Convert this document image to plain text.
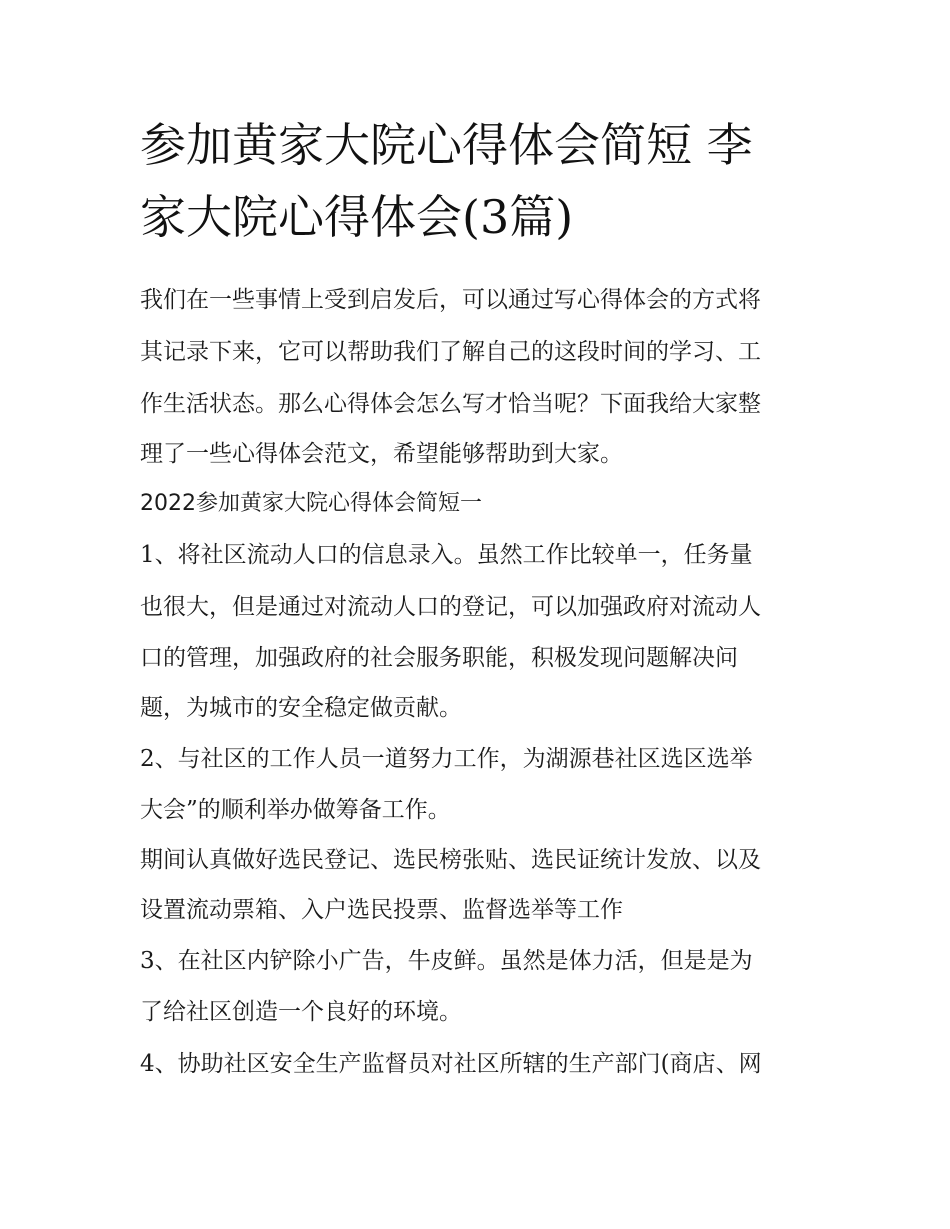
参加黄家大院心得体会简短 李
家大院心得体会(3篇)
我们在一些事情上受到启发后，可以通过写心得体会的方式将
其记录下来，它可以帮助我们了解自己的这段时间的学习、工
作生活状态。那么心得体会怎么写才恰当呢？下面我给大家整
理了一些心得体会范文，希望能够帮助到大家。
2022参加黄家大院心得体会简短一
1、将社区流动人口的信息录入。虽然工作比较单一，任务量
也很大，但是通过对流动人口的登记，可以加强政府对流动人
口的管理，加强政府的社会服务职能，积极发现问题解决问
题，为城市的安全稳定做贡献。
2、与社区的工作人员一道努力工作，为湖源巷社区选区选举
大会”的顺利举办做筹备工作。
期间认真做好选民登记、选民榜张贴、选民证统计发放、以及
设置流动票箱、入户选民投票、监督选举等工作
3、在社区内铲除小广告，牛皮鲜。虽然是体力活，但是是为
了给社区创造一个良好的环境。
4、协助社区安全生产监督员对社区所辖的生产部门(商店、网
